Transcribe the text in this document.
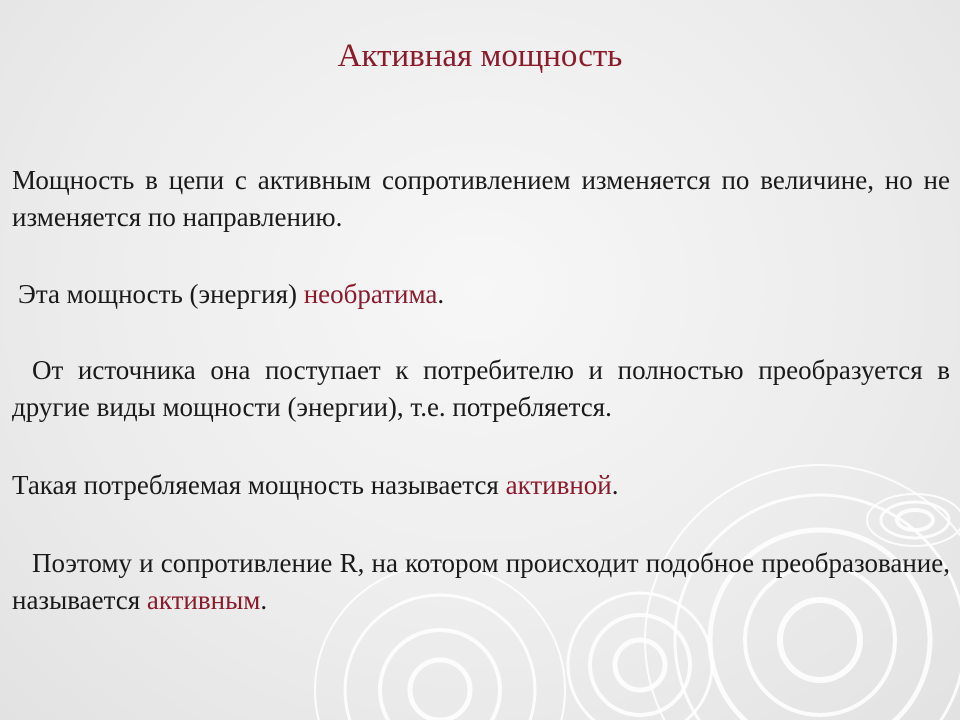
Активная мощность
Мощность в цепи с активным сопротивлением изменяется по величине, но не изменяется по направлению.
Эта мощность (энергия) необратима.
От источника она поступает к потребителю и полностью преобразуется в другие виды мощности (энергии), т.е. потребляется.
Такая потребляемая мощность называется активной.
Поэтому и сопротивление R, на котором происходит подобное преобразование, называется активным.
